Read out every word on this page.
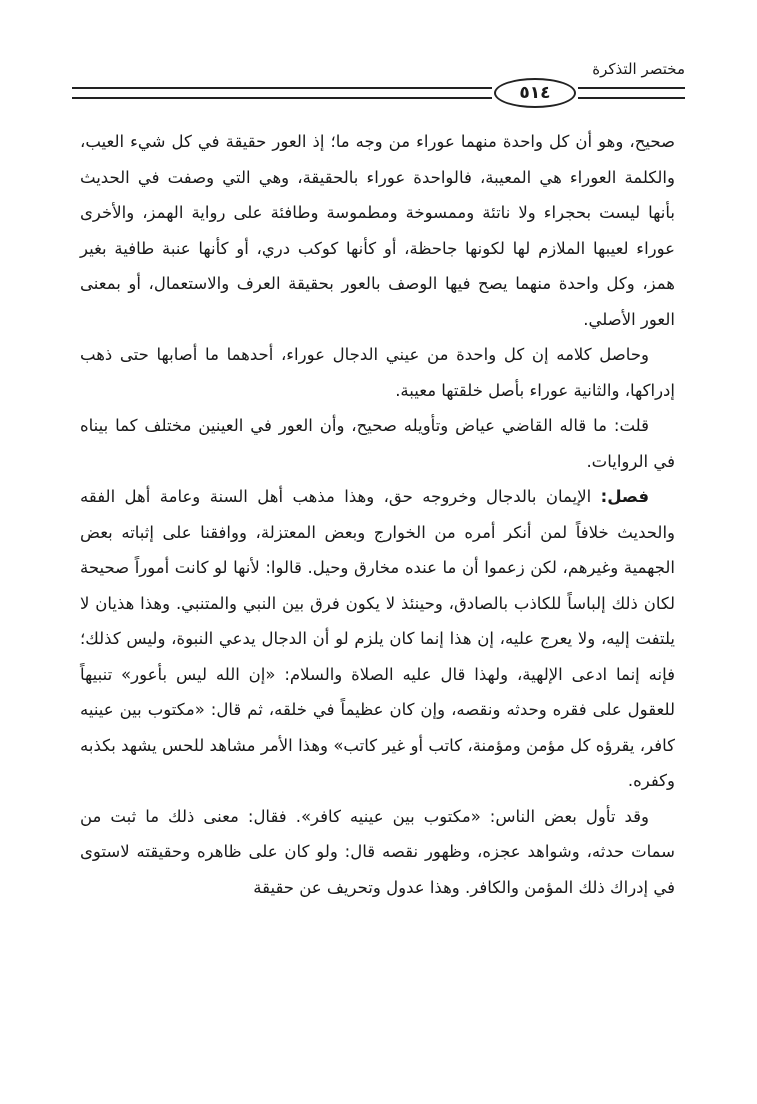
٥١٤
مختصر التذكرة

صحيح، وهو أن كل واحدة منهما عوراء من وجه ما؛ إذ العور حقيقة في كل شيء العيب، والكلمة العوراء هي المعيبة، فالواحدة عوراء بالحقيقة، وهي التي وصفت في الحديث بأنها ليست بحجراء ولا ناتئة وممسوخة ومطموسة وطافئة على رواية الهمز، والأخرى عوراء لعيبها الملازم لها لكونها جاحظة، أو كأنها كوكب دري، أو كأنها عنبة طافية بغير همز، وكل واحدة منهما يصح فيها الوصف بالعور بحقيقة العرف والاستعمال، أو بمعنى العور الأصلي.

وحاصل كلامه إن كل واحدة من عيني الدجال عوراء، أحدهما ما أصابها حتى ذهب إدراكها، والثانية عوراء بأصل خلقتها معيبة.

قلت: ما قاله القاضي عياض وتأويله صحيح، وأن العور في العينين مختلف كما بيناه في الروايات.

فصل: الإيمان بالدجال وخروجه حق، وهذا مذهب أهل السنة وعامة أهل الفقه والحديث خلافاً لمن أنكر أمره من الخوارج وبعض المعتزلة، ووافقنا على إثباته بعض الجهمية وغيرهم، لكن زعموا أن ما عنده مخارق وحيل. قالوا: لأنها لو كانت أموراً صحيحة لكان ذلك إلباساً للكاذب بالصادق، وحينئذ لا يكون فرق بين النبي والمتنبي. وهذا هذيان لا يلتفت إليه، ولا يعرج عليه، إن هذا إنما كان يلزم لو أن الدجال يدعي النبوة، وليس كذلك؛ فإنه إنما ادعى الإلهية، ولهذا قال عليه الصلاة والسلام: «إن الله ليس بأعور» تنبيهاً للعقول على فقره وحدثه ونقصه، وإن كان عظيماً في خلقه، ثم قال: «مكتوب بين عينيه كافر، يقرؤه كل مؤمن ومؤمنة، كاتب أو غير كاتب» وهذا الأمر مشاهد للحس يشهد بكذبه وكفره.

وقد تأول بعض الناس: «مكتوب بين عينيه كافر». فقال: معنى ذلك ما ثبت من سمات حدثه، وشواهد عجزه، وظهور نقصه قال: ولو كان على ظاهره وحقيقته لاستوى في إدراك ذلك المؤمن والكافر. وهذا عدول وتحريف عن حقيقة
